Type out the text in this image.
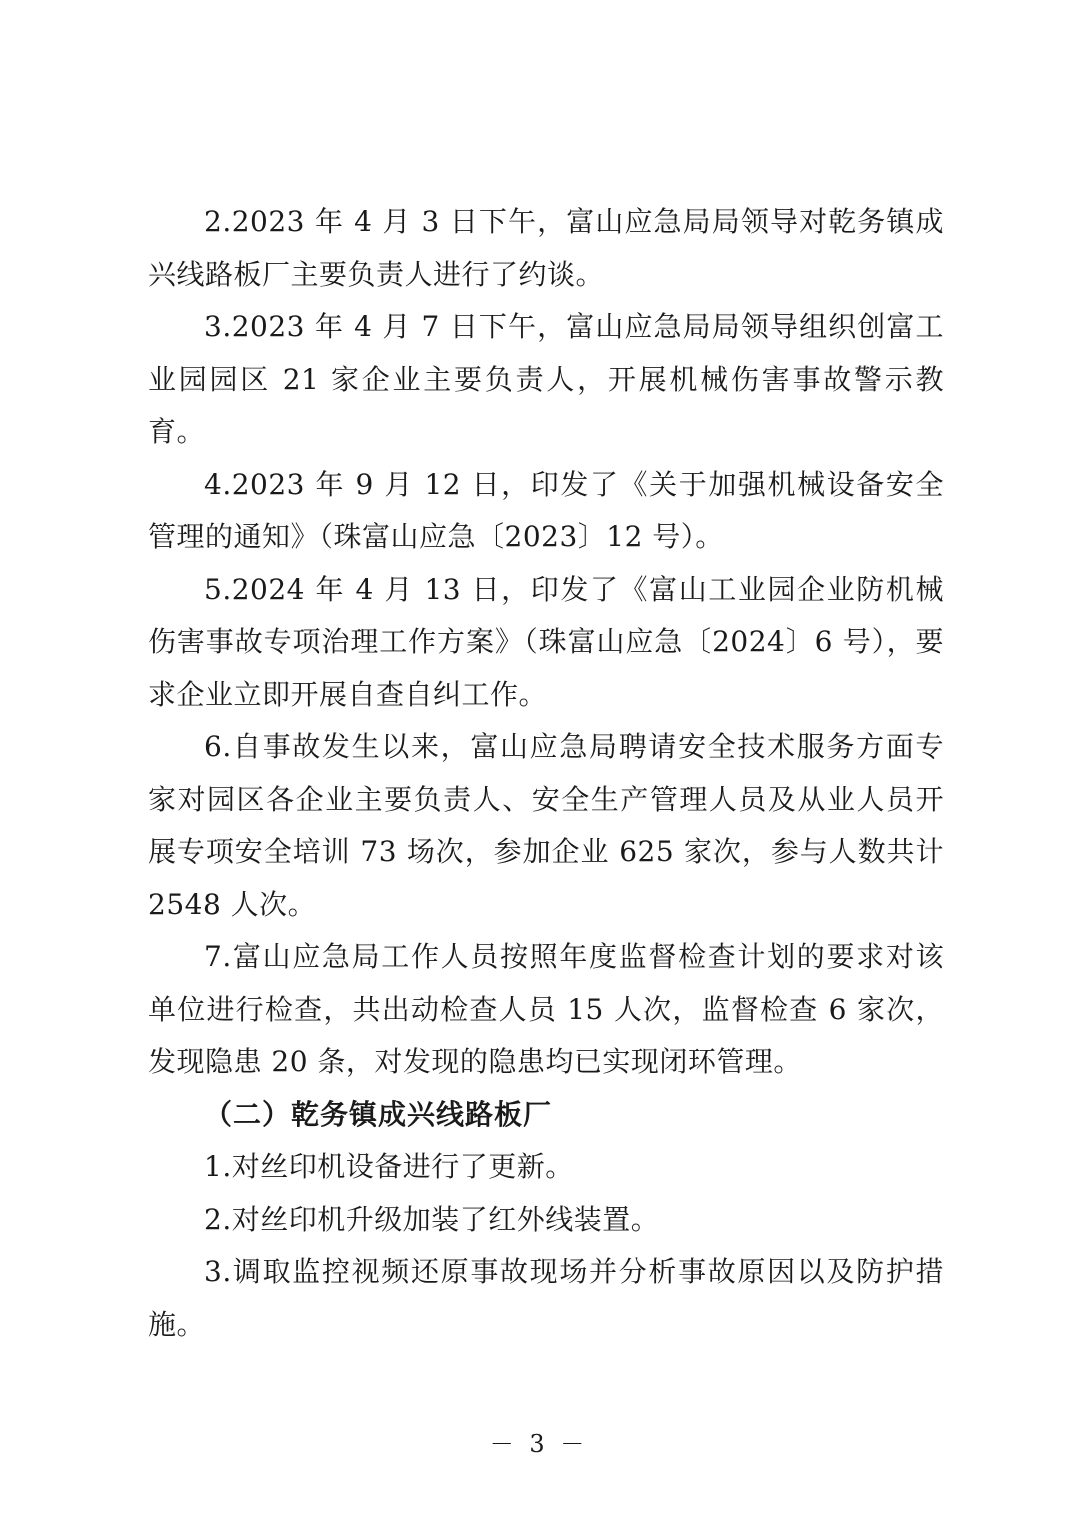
2.2023 年 4 月 3 日下午，富山应急局局领导对乾务镇成兴线路板厂主要负责人进行了约谈。

3.2023 年 4 月 7 日下午，富山应急局局领导组织创富工业园园区 21 家企业主要负责人，开展机械伤害事故警示教育。

4.2023 年 9 月 12 日，印发了《关于加强机械设备安全管理的通知》（珠富山应急〔2023〕12 号）。

5.2024 年 4 月 13 日，印发了《富山工业园企业防机械伤害事故专项治理工作方案》（珠富山应急〔2024〕6 号），要求企业立即开展自查自纠工作。

6.自事故发生以来，富山应急局聘请安全技术服务方面专家对园区各企业主要负责人、安全生产管理人员及从业人员开展专项安全培训 73 场次，参加企业 625 家次，参与人数共计 2548 人次。

7.富山应急局工作人员按照年度监督检查计划的要求对该单位进行检查，共出动检查人员 15 人次，监督检查 6 家次，发现隐患 20 条，对发现的隐患均已实现闭环管理。

（二）乾务镇成兴线路板厂

1.对丝印机设备进行了更新。

2.对丝印机升级加装了红外线装置。

3.调取监控视频还原事故现场并分析事故原因以及防护措施。

－ 3 －
